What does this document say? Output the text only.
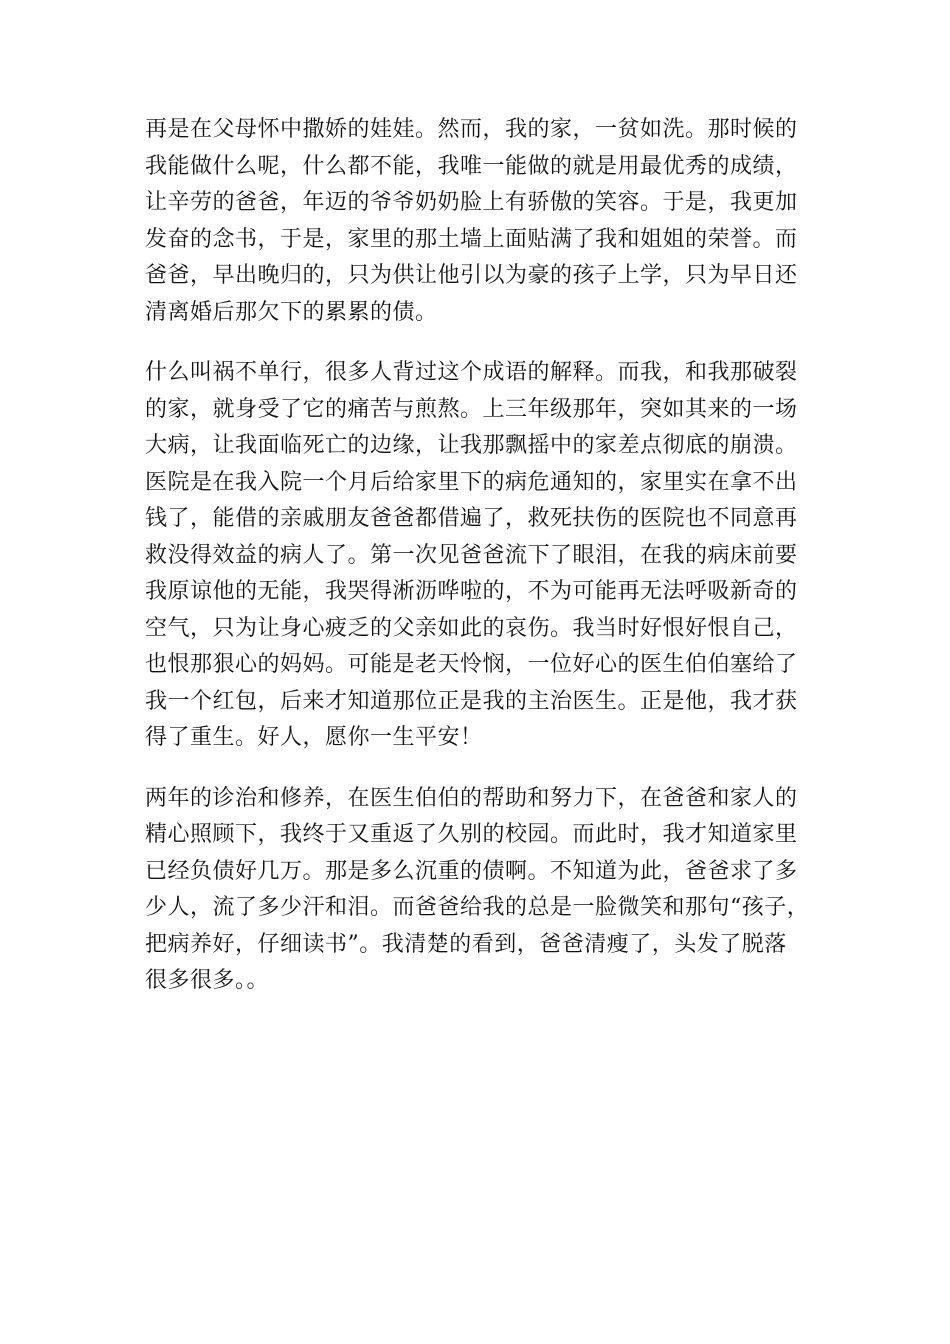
再是在父母怀中撒娇的娃娃。然而，我的家，一贫如洗。那时候的
我能做什么呢，什么都不能，我唯一能做的就是用最优秀的成绩，
让辛劳的爸爸，年迈的爷爷奶奶脸上有骄傲的笑容。于是，我更加
发奋的念书，于是，家里的那土墙上面贴满了我和姐姐的荣誉。而
爸爸，早出晚归的，只为供让他引以为豪的孩子上学，只为早日还
清离婚后那欠下的累累的债。
什么叫祸不单行，很多人背过这个成语的解释。而我，和我那破裂
的家，就身受了它的痛苦与煎熬。上三年级那年，突如其来的一场
大病，让我面临死亡的边缘，让我那飘摇中的家差点彻底的崩溃。
医院是在我入院一个月后给家里下的病危通知的，家里实在拿不出
钱了，能借的亲戚朋友爸爸都借遍了，救死扶伤的医院也不同意再
救没得效益的病人了。第一次见爸爸流下了眼泪，在我的病床前要
我原谅他的无能，我哭得淅沥哗啦的，不为可能再无法呼吸新奇的
空气，只为让身心疲乏的父亲如此的哀伤。我当时好恨好恨自己，
也恨那狠心的妈妈。可能是老天怜悯，一位好心的医生伯伯塞给了
我一个红包，后来才知道那位正是我的主治医生。正是他，我才获
得了重生。好人，愿你一生平安！
两年的诊治和修养，在医生伯伯的帮助和努力下，在爸爸和家人的
精心照顾下，我终于又重返了久别的校园。而此时，我才知道家里
已经负债好几万。那是多么沉重的债啊。不知道为此，爸爸求了多
少人，流了多少汗和泪。而爸爸给我的总是一脸微笑和那句“孩子，
把病养好，仔细读书”。我清楚的看到，爸爸清瘦了，头发了脱落
很多很多。。
